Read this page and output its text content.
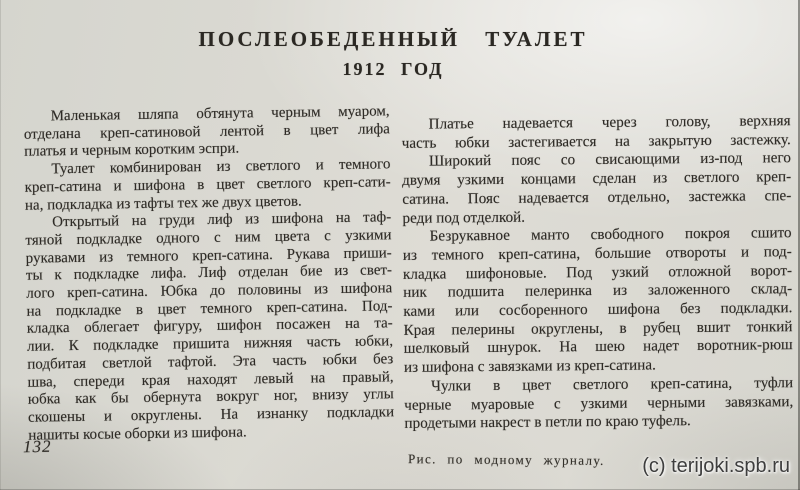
ПОСЛЕОБЕДЕННЫЙ ТУАЛЕТ
1912 ГОД
Маленькая шляпа обтянута черным муаром,
отделана креп-сатиновой лентой в цвет лифа
платья и черным коротким эспри.
Туалет комбинирован из светлого и темного
креп-сатина и шифона в цвет светлого креп-сати-
на, подкладка из тафты тех же двух цветов.
Открытый на груди лиф из шифона на таф-
тяной подкладке одного с ним цвета с узкими
рукавами из темного креп-сатина. Рукава приши-
ты к подкладке лифа. Лиф отделан бие из свет-
лого креп-сатина. Юбка до половины из шифона
на подкладке в цвет темного креп-сатина. Под-
кладка облегает фигуру, шифон посажен на та-
лии. К подкладке пришита нижняя часть юбки,
подбитая светлой тафтой. Эта часть юбки без
шва, спереди края находят левый на правый,
юбка как бы обернута вокруг ног, внизу углы
скошены и округлены. На изнанку подкладки
нашиты косые оборки из шифона.
Платье надевается через голову, верхняя
часть юбки застегивается на закрытую застежку.
Широкий пояс со свисающими из-под него
двумя узкими концами сделан из светлого креп-
сатина. Пояс надевается отдельно, застежка спе-
реди под отделкой.
Безрукавное манто свободного покроя сшито
из темного креп-сатина, большие отвороты и под-
кладка шифоновые. Под узкий отложной ворот-
ник подшита пелеринка из заложенного склад-
ками или сосборенного шифона без подкладки.
Края пелерины округлены, в рубец вшит тонкий
шелковый шнурок. На шею надет воротник-рюш
из шифона с завязками из креп-сатина.
Чулки в цвет светлого креп-сатина, туфли
черные муаровые с узкими черными завязками,
продетыми накрест в петли по краю туфель.
132
Рис. по модному журналу. (c) terijoki.spb.ru
